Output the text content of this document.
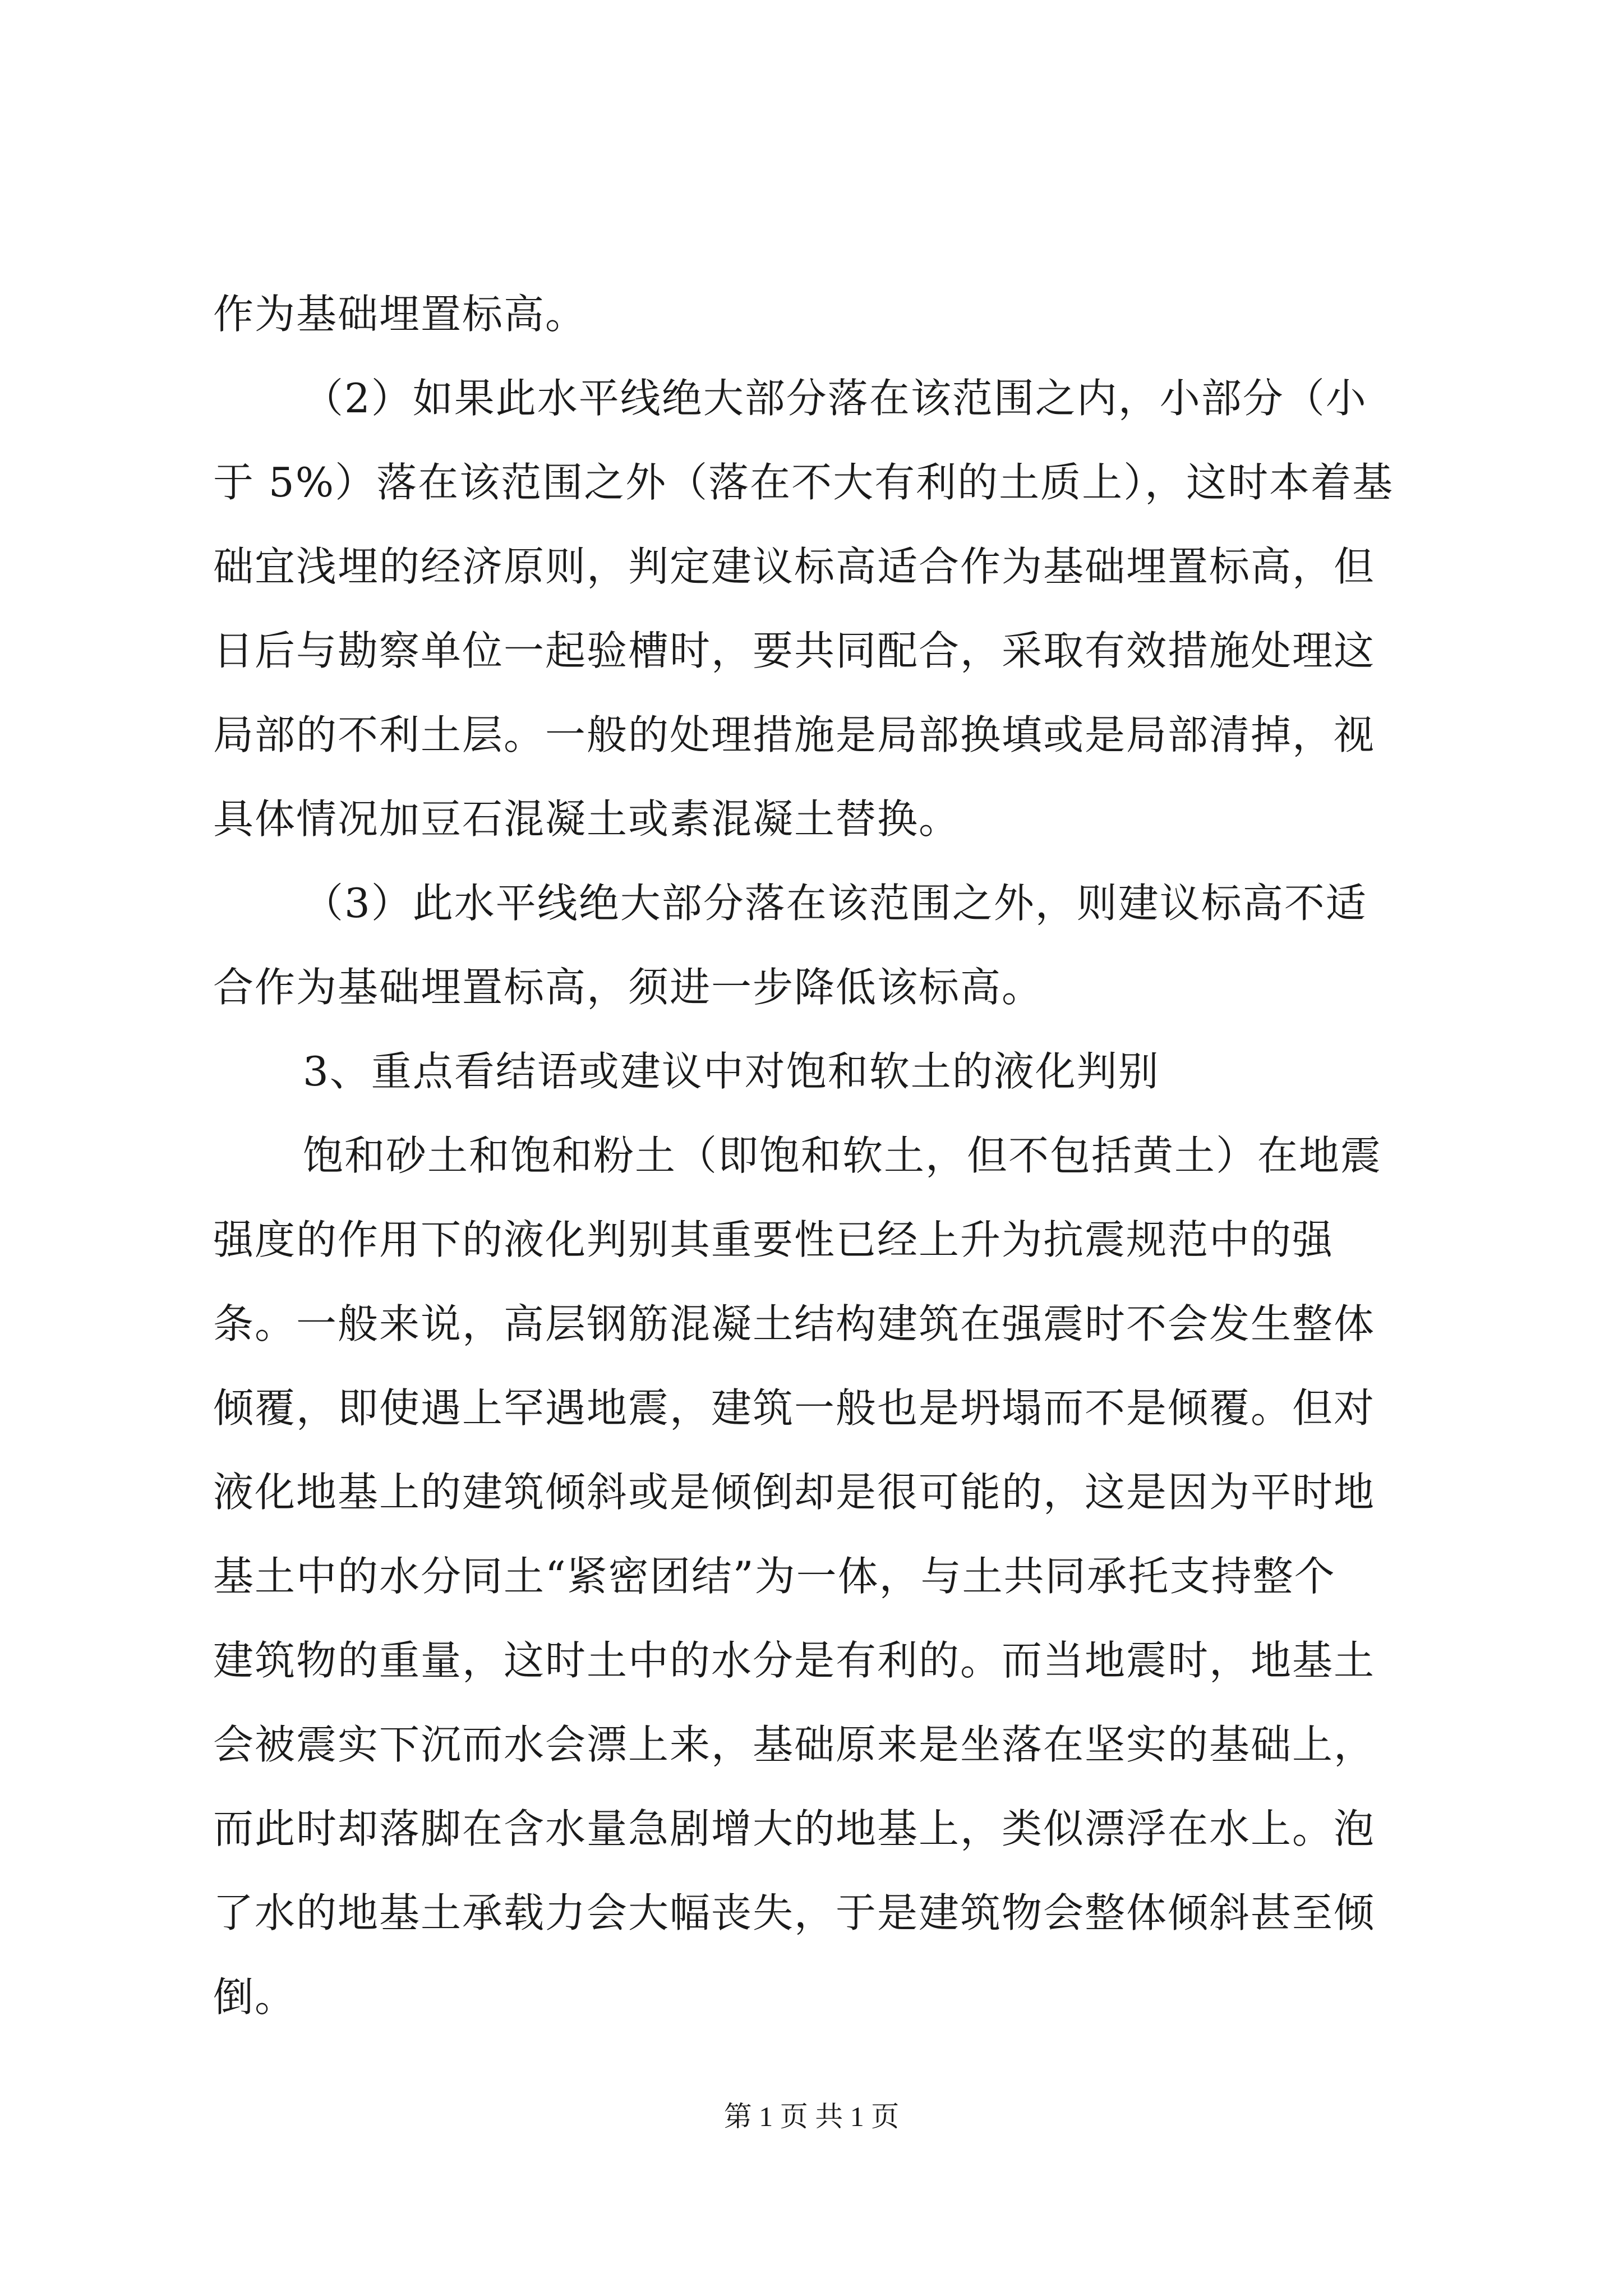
作为基础埋置标高。
（2）如果此水平线绝大部分落在该范围之内，小部分（小
于 5%）落在该范围之外（落在不大有利的土质上），这时本着基
础宜浅埋的经济原则，判定建议标高适合作为基础埋置标高，但
日后与勘察单位一起验槽时，要共同配合，采取有效措施处理这
局部的不利土层。一般的处理措施是局部换填或是局部清掉，视
具体情况加豆石混凝土或素混凝土替换。
（3）此水平线绝大部分落在该范围之外，则建议标高不适
合作为基础埋置标高，须进一步降低该标高。
3、重点看结语或建议中对饱和软土的液化判别
饱和砂土和饱和粉土（即饱和软土，但不包括黄土）在地震
强度的作用下的液化判别其重要性已经上升为抗震规范中的强
条。一般来说，高层钢筋混凝土结构建筑在强震时不会发生整体
倾覆，即使遇上罕遇地震，建筑一般也是坍塌而不是倾覆。但对
液化地基上的建筑倾斜或是倾倒却是很可能的，这是因为平时地
基土中的水分同土“紧密团结”为一体，与土共同承托支持整个
建筑物的重量，这时土中的水分是有利的。而当地震时，地基土
会被震实下沉而水会漂上来，基础原来是坐落在坚实的基础上，
而此时却落脚在含水量急剧增大的地基上，类似漂浮在水上。泡
了水的地基土承载力会大幅丧失，于是建筑物会整体倾斜甚至倾
倒。
第 1 页 共 1 页
